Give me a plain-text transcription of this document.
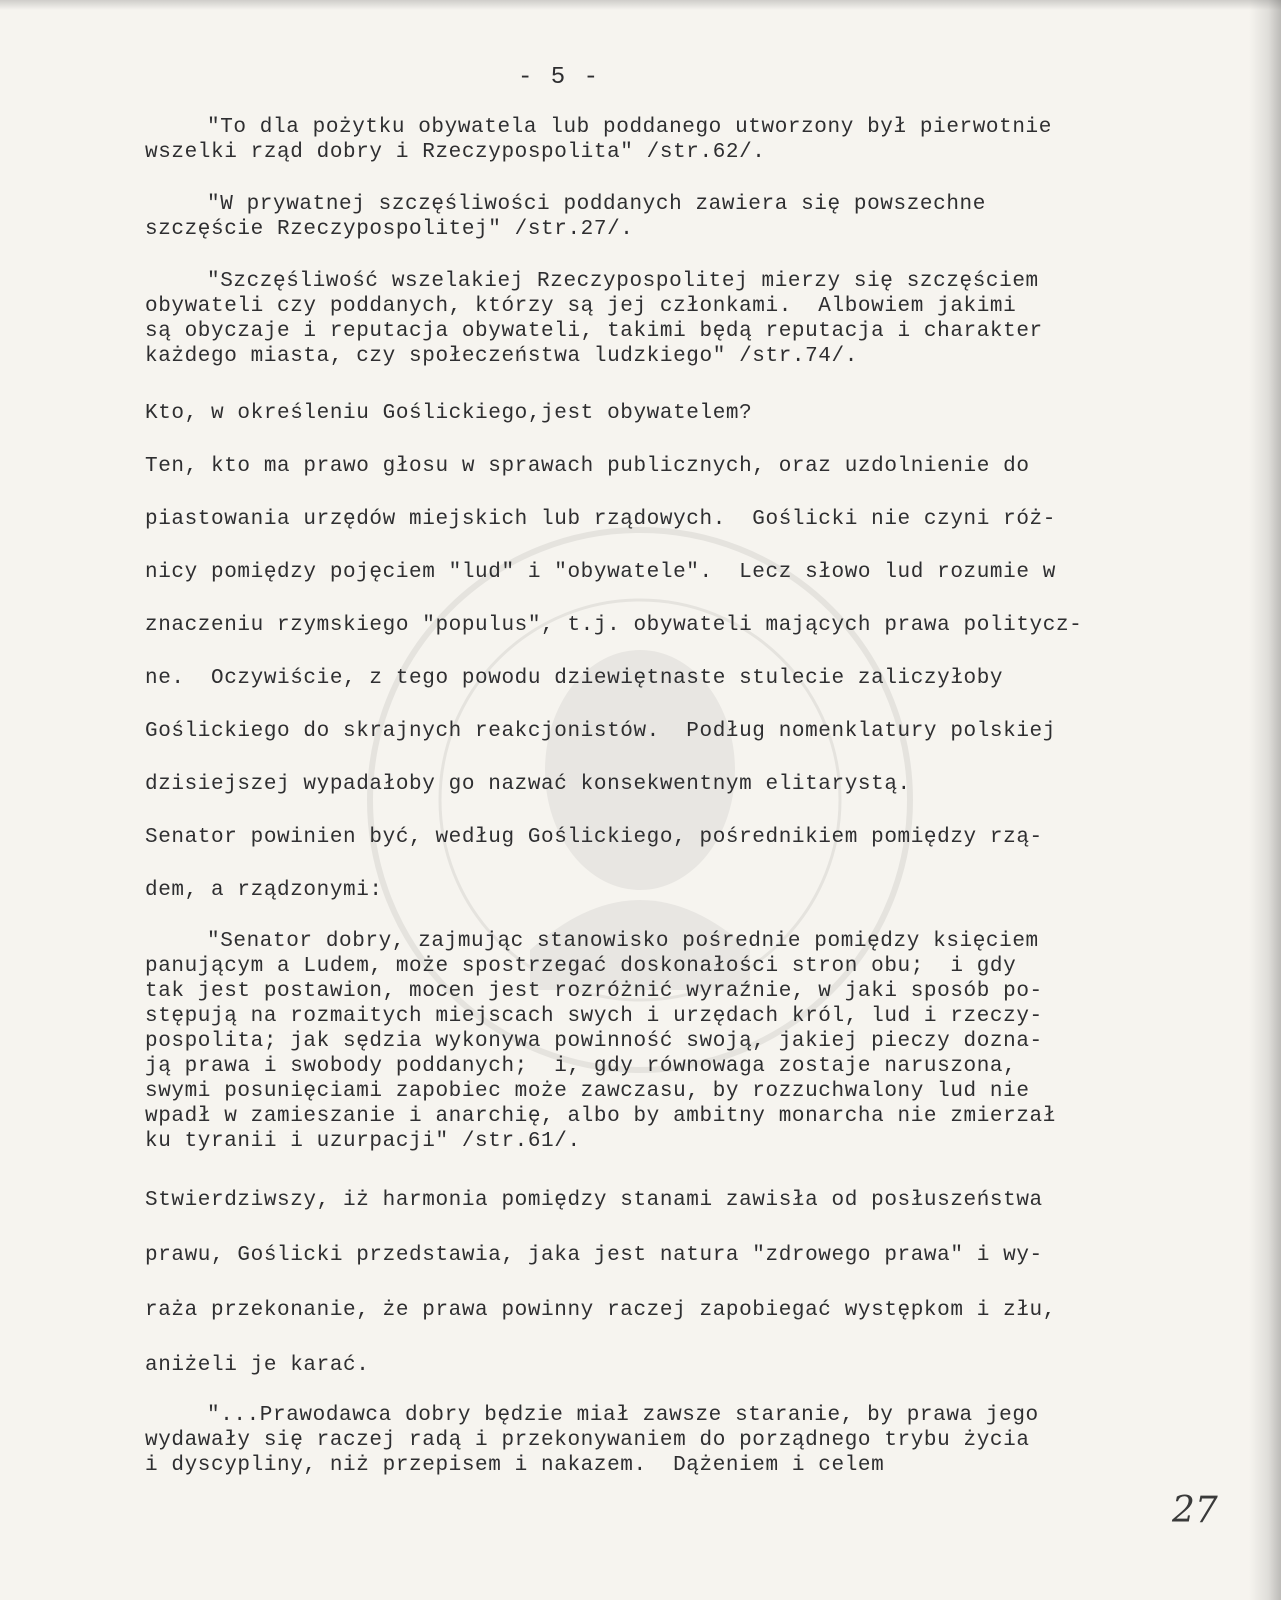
- 5 -
"To dla pożytku obywatela lub poddanego utworzony był pierwotnie
wszelki rząd dobry i Rzeczypospolita" /str.62/.
"W prywatnej szczęśliwości poddanych zawiera się powszechne
szczęście Rzeczypospolitej" /str.27/.
"Szczęśliwość wszelakiej Rzeczypospolitej mierzy się szczęściem
obywateli czy poddanych, którzy są jej członkami.  Albowiem jakimi
są obyczaje i reputacja obywateli, takimi będą reputacja i charakter
każdego miasta, czy społeczeństwa ludzkiego" /str.74/.
Kto, w określeniu Goślickiego,jest obywatelem?
Ten, kto ma prawo głosu w sprawach publicznych, oraz uzdolnienie do
piastowania urzędów miejskich lub rządowych.  Goślicki nie czyni róż-
nicy pomiędzy pojęciem "lud" i "obywatele".  Lecz słowo lud rozumie w
znaczeniu rzymskiego "populus", t.j. obywateli mających prawa politycz-
ne.  Oczywiście, z tego powodu dziewiętnaste stulecie zaliczyłoby
Goślickiego do skrajnych reakcjonistów.  Podług nomenklatury polskiej
dzisiejszej wypadałoby go nazwać konsekwentnym elitarystą.
Senator powinien być, według Goślickiego, pośrednikiem pomiędzy rzą-
dem, a rządzonymi:
"Senator dobry, zajmując stanowisko pośrednie pomiędzy księciem
panującym a Ludem, może spostrzegać doskonałości stron obu;  i gdy
tak jest postawion, mocen jest rozróżnić wyraźnie, w jaki sposób po-
stępują na rozmaitych miejscach swych i urzędach król, lud i rzeczy-
pospolita; jak sędzia wykonywa powinność swoją, jakiej pieczy dozna-
ją prawa i swobody poddanych;  i, gdy równowaga zostaje naruszona,
swymi posunięciami zapobiec może zawczasu, by rozzuchwalony lud nie
wpadł w zamieszanie i anarchię, albo by ambitny monarcha nie zmierzał
ku tyranii i uzurpacji" /str.61/.
Stwierdziwszy, iż harmonia pomiędzy stanami zawisła od posłuszeństwa
prawu, Goślicki przedstawia, jaka jest natura "zdrowego prawa" i wy-
raża przekonanie, że prawa powinny raczej zapobiegać występkom i złu,
aniżeli je karać.
"...Prawodawca dobry będzie miał zawsze staranie, by prawa jego
wydawały się raczej radą i przekonywaniem do porządnego trybu życia
i dyscypliny, niż przepisem i nakazem.  Dążeniem i celem
27
